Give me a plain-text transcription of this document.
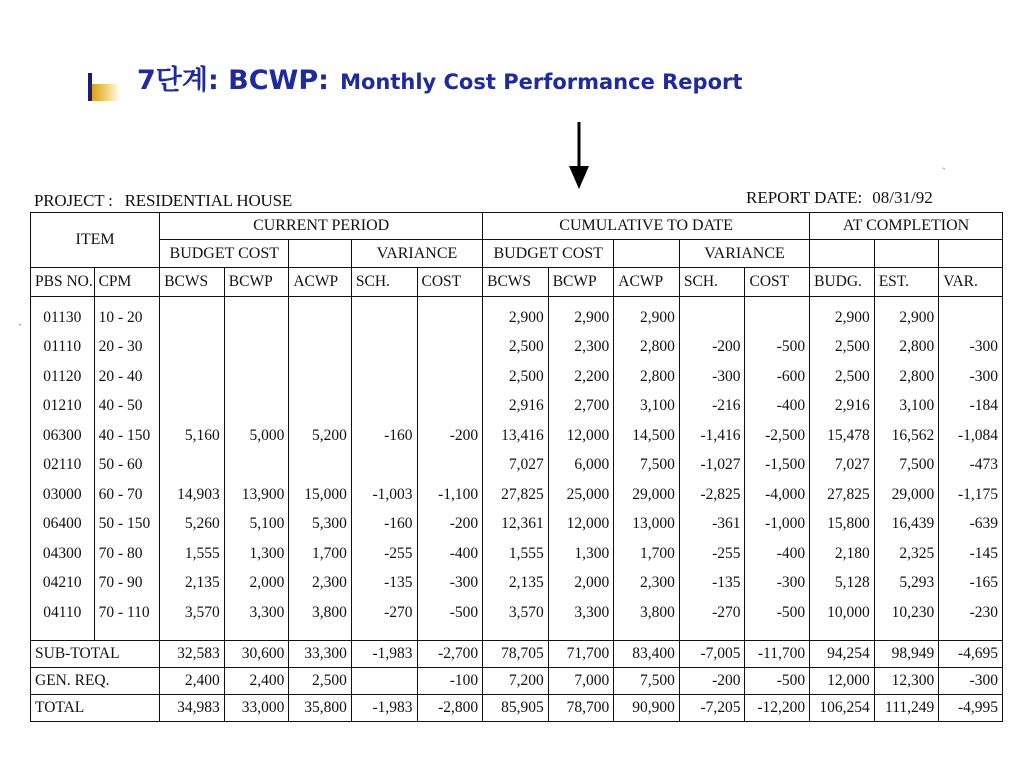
7단계: BCWP: Monthly Cost Performance Report
ˎ
·
PROJECT : RESIDENTIAL HOUSE	REPORT DATE: 08/31/92
ITEM		CURRENT PERIOD					CUMULATIVE TO DATE					AT COMPLETION		
		BUDGET COST			VARIANCE		BUDGET COST			VARIANCE				
PBS NO.	CPM	BCWS	BCWP	ACWP	SCH.	COST	BCWS	BCWP	ACWP	SCH.	COST	BUDG.	EST.	VAR.
01130	10 - 20						2,900	2,900	2,900			2,900	2,900	
01110	20 - 30						2,500	2,300	2,800	-200	-500	2,500	2,800	-300
01120	20 - 40						2,500	2,200	2,800	-300	-600	2,500	2,800	-300
01210	40 - 50						2,916	2,700	3,100	-216	-400	2,916	3,100	-184
06300	40 - 150	5,160	5,000	5,200	-160	-200	13,416	12,000	14,500	-1,416	-2,500	15,478	16,562	-1,084
02110	50 - 60						7,027	6,000	7,500	-1,027	-1,500	7,027	7,500	-473
03000	60 - 70	14,903	13,900	15,000	-1,003	-1,100	27,825	25,000	29,000	-2,825	-4,000	27,825	29,000	-1,175
06400	50 - 150	5,260	5,100	5,300	-160	-200	12,361	12,000	13,000	-361	-1,000	15,800	16,439	-639
04300	70 - 80	1,555	1,300	1,700	-255	-400	1,555	1,300	1,700	-255	-400	2,180	2,325	-145
04210	70 - 90	2,135	2,000	2,300	-135	-300	2,135	2,000	2,300	-135	-300	5,128	5,293	-165
04110	70 - 110	3,570	3,300	3,800	-270	-500	3,570	3,300	3,800	-270	-500	10,000	10,230	-230

SUB-TOTAL		32,583	30,600	33,300	-1,983	-2,700	78,705	71,700	83,400	-7,005	-11,700	94,254	98,949	-4,695
GEN. REQ.		2,400	2,400	2,500		-100	7,200	7,000	7,500	-200	-500	12,000	12,300	-300
TOTAL		34,983	33,000	35,800	-1,983	-2,800	85,905	78,700	90,900	-7,205	-12,200	106,254	111,249	-4,995
